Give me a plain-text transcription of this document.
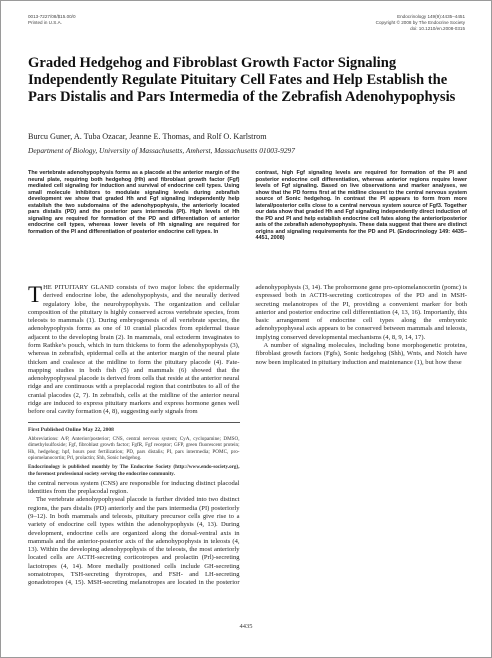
0013-7227/08/$15.00/0
Printed in U.S.A.
Endocrinology 149(9):4435–4451
Copyright © 2008 by The Endocrine Society
doi: 10.1210/en.2008-0315
Graded Hedgehog and Fibroblast Growth Factor Signaling Independently Regulate Pituitary Cell Fates and Help Establish the Pars Distalis and Pars Intermedia of the Zebrafish Adenohypophysis
Burcu Guner, A. Tuba Ozacar, Jeanne E. Thomas, and Rolf O. Karlstrom
Department of Biology, University of Massachusetts, Amherst, Massachusetts 01003-9297

The vertebrate adenohypophysis forms as a placode at the anterior margin of the neural plate, requiring both hedgehog (Hh) and fibroblast growth factor (Fgf) mediated cell signaling for induction and survival of endocrine cell types. Using small molecule inhibitors to modulate signaling levels during zebrafish development we show that graded Hh and Fgf signaling independently help establish the two subdomains of the adenohypophysis, the anteriorly located pars distalis (PD) and the posterior pars intermedia (PI). High levels of Hh signaling are required for formation of the PD and differentiation of anterior endocrine cell types, whereas lower levels of Hh signaling are required for formation of the PI and differentiation of posterior endocrine cell types. In

contrast, high Fgf signaling levels are required for formation of the PI and posterior endocrine cell differentiation, whereas anterior regions require lower levels of Fgf signaling. Based on live observations and marker analyses, we show that the PD forms first at the midline closest to the central nervous system source of Sonic hedgehog. In contrast the PI appears to form from more lateral/posterior cells close to a central nervous system source of Fgf3. Together our data show that graded Hh and Fgf signaling independently direct induction of the PD and PI and help establish endocrine cell fates along the anterior/posterior axis of the zebrafish adenohypophysis. These data suggest that there are distinct origins and signaling requirements for the PD and PI. (Endocrinology 149: 4435–4451, 2008)

THE PITUITARY GLAND consists of two major lobes: the epidermally derived endocrine lobe, the adenohypophysis, and the neurally derived regulatory lobe, the neurohypophysis. The organization and cellular composition of the pituitary is highly conserved across vertebrate species, from teleosts to mammals (1). During embryogenesis of all vertebrate species, the adenohypophysis forms as one of 10 cranial placodes from epidermal tissue adjacent to the developing brain (2). In mammals, oral ectoderm invaginates to form Rathke’s pouch, which in turn thickens to form the adenohypophysis (3), whereas in zebrafish, epidermal cells at the anterior margin of the neural plate thicken and coalesce at the midline to form the pituitary placode (4). Fate-mapping studies in both fish (5) and mammals (6) showed that the adenohypophyseal placode is derived from cells that reside at the anterior neural ridge and are continuous with a preplacodal region that contributes to all of the cranial placodes (2, 7). In zebrafish, cells at the midline of the anterior neural ridge are induced to express pituitary markers and express hormone genes well before oral cavity formation (4, 8), suggesting early signals from

First Published Online May 22, 2008

Abbreviations: A/P, Anterior/posterior; CNS, central nervous system; CyA, cyclopamine; DMSO, dimethylsulfoxide; Fgf, fibroblast growth factor; FgfR, Fgf receptor; GFP, green fluorescent protein; Hh, hedgehog; hpf, hours post fertilization; PD, pars distalis; PI, pars intermedia; POMC, pro-opiomelanocortin; Prl, prolactin; Shh, Sonic hedgehog.

Endocrinology is published monthly by The Endocrine Society (http://www.endo-society.org), the foremost professional society serving the endocrine community.

the central nervous system (CNS) are responsible for inducing distinct placodal identities from the preplacodal region.

The vertebrate adenohypophyseal placode is further divided into two distinct regions, the pars distalis (PD) anteriorly and the pars intermedia (PI) posteriorly (9–12). In both mammals and teleosts, pituitary precursor cells give rise to a variety of endocrine cell types within the adenohypophysis (4, 13). During development, endocrine cells are organized along the dorsal-ventral axis in mammals and the anterior-posterior axis of the adenohypophysis in teleosts (4, 13). Within the developing adenohypophysis of the teleosts, the most anteriorly located cells are ACTH-secreting corticotropes and prolactin (Prl)-secreting lactotropes (4, 14). More medially positioned cells include GH-secreting somatotropes, TSH-secreting thyrotropes, and FSH- and LH-secreting gonadotropes (4, 15). MSH-secreting melanotropes are located in the posterior adenohypophysis (3, 14). The prohormone gene pro-opiomelanocortin (pomc) is expressed both in ACTH-secreting corticotropes of the PD and in MSH-secreting melanotropes of the PI, providing a convenient marker for both anterior and posterior endocrine cell differentiation (4, 13, 16). Importantly, this basic arrangement of endocrine cell types along the embryonic adenohypophyseal axis appears to be conserved between mammals and teleosts, implying conserved developmental mechanisms (4, 8, 9, 14, 17).

A number of signaling molecules, including bone morphogenetic proteins, fibroblast growth factors (Fgfs), Sonic hedgehog (Shh), Wnts, and Notch have now been implicated in pituitary induction and maintenance (1), but how these

4435
